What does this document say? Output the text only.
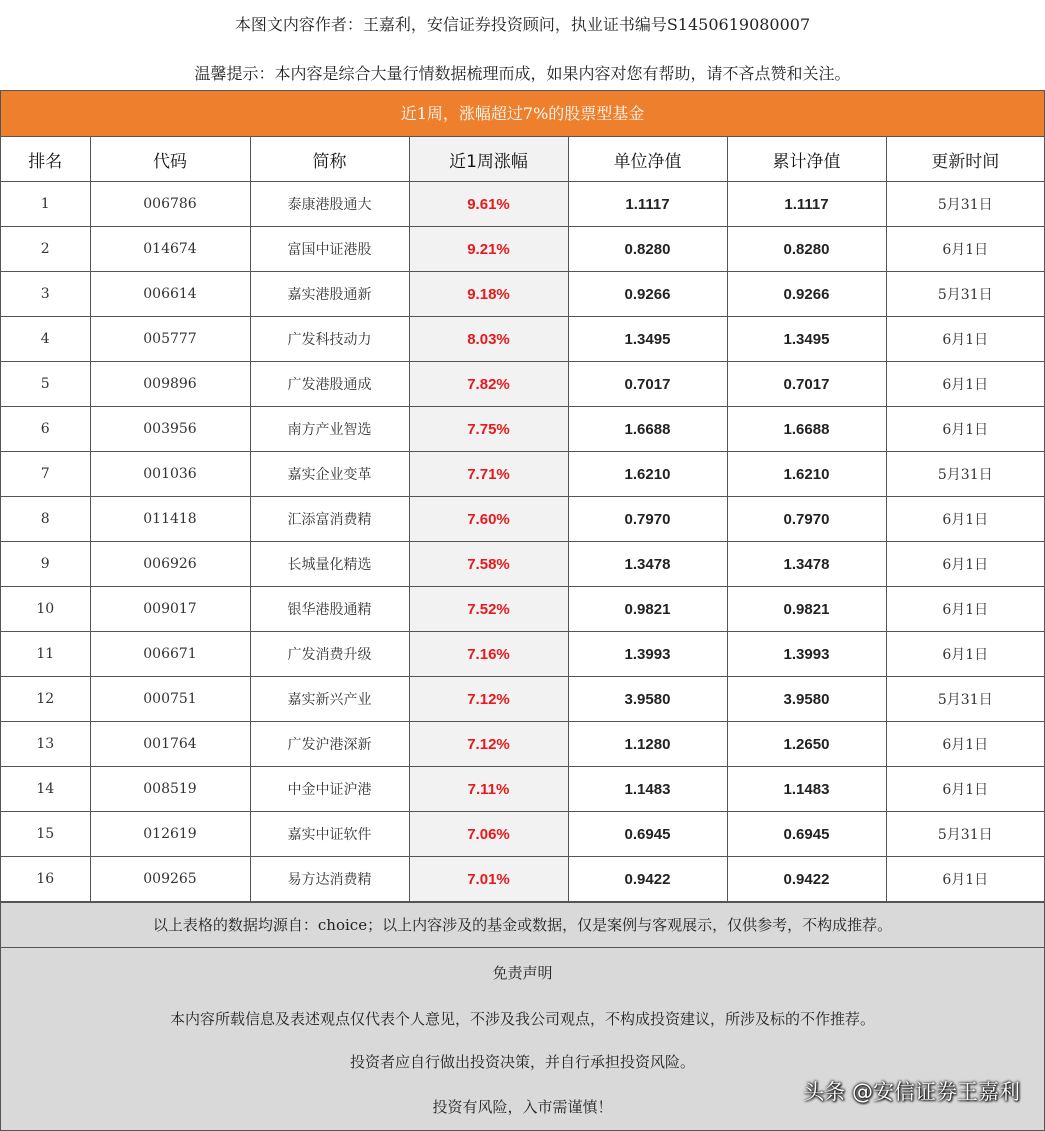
本图文内容作者：王嘉利，安信证券投资顾问，执业证书编号S1450619080007
温馨提示：本内容是综合大量行情数据梳理而成，如果内容对您有帮助，请不吝点赞和关注。
近1周，涨幅超过7%的股票型基金
排名	代码	简称	近1周涨幅	单位净值	累计净值	更新时间
1	006786	泰康港股通大	9.61%	1.1117	1.1117	5月31日
2	014674	富国中证港股	9.21%	0.8280	0.8280	6月1日
3	006614	嘉实港股通新	9.18%	0.9266	0.9266	5月31日
4	005777	广发科技动力	8.03%	1.3495	1.3495	6月1日
5	009896	广发港股通成	7.82%	0.7017	0.7017	6月1日
6	003956	南方产业智选	7.75%	1.6688	1.6688	6月1日
7	001036	嘉实企业变革	7.71%	1.6210	1.6210	5月31日
8	011418	汇添富消费精	7.60%	0.7970	0.7970	6月1日
9	006926	长城量化精选	7.58%	1.3478	1.3478	6月1日
10	009017	银华港股通精	7.52%	0.9821	0.9821	6月1日
11	006671	广发消费升级	7.16%	1.3993	1.3993	6月1日
12	000751	嘉实新兴产业	7.12%	3.9580	3.9580	5月31日
13	001764	广发沪港深新	7.12%	1.1280	1.2650	6月1日
14	008519	中金中证沪港	7.11%	1.1483	1.1483	6月1日
15	012619	嘉实中证软件	7.06%	0.6945	0.6945	5月31日
16	009265	易方达消费精	7.01%	0.9422	0.9422	6月1日
以上表格的数据均源自：choice；以上内容涉及的基金或数据，仅是案例与客观展示，仅供参考，不构成推荐。
免责声明
本内容所载信息及表述观点仅代表个人意见，不涉及我公司观点，不构成投资建议，所涉及标的不作推荐。
投资者应自行做出投资决策，并自行承担投资风险。
投资有风险，入市需谨慎！
头条 @安信证券王嘉利
